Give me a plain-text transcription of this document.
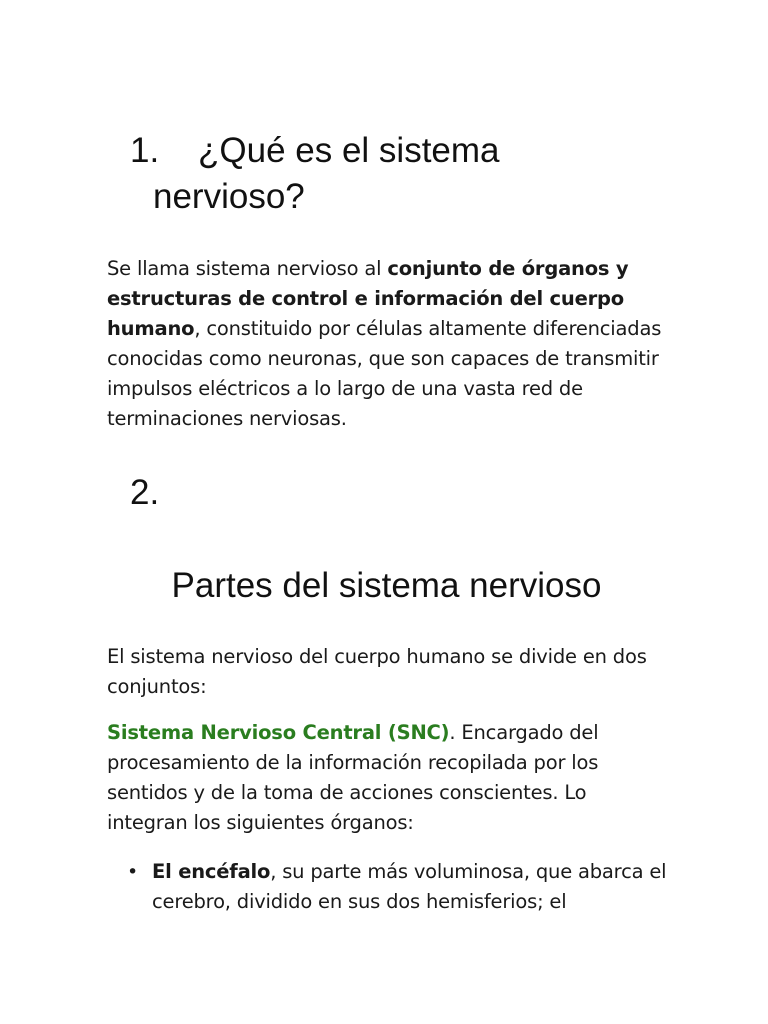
1. ¿Qué es el sistema
nervioso?

Se llama sistema nervioso al conjunto de órganos y estructuras de control e información del cuerpo humano, constituido por células altamente diferenciadas conocidas como neuronas, que son capaces de transmitir impulsos eléctricos a lo largo de una vasta red de terminaciones nerviosas.

2.
Partes del sistema nervioso

El sistema nervioso del cuerpo humano se divide en dos conjuntos:

Sistema Nervioso Central (SNC). Encargado del procesamiento de la información recopilada por los sentidos y de la toma de acciones conscientes. Lo integran los siguientes órganos:

• El encéfalo, su parte más voluminosa, que abarca el cerebro, dividido en sus dos hemisferios; el
